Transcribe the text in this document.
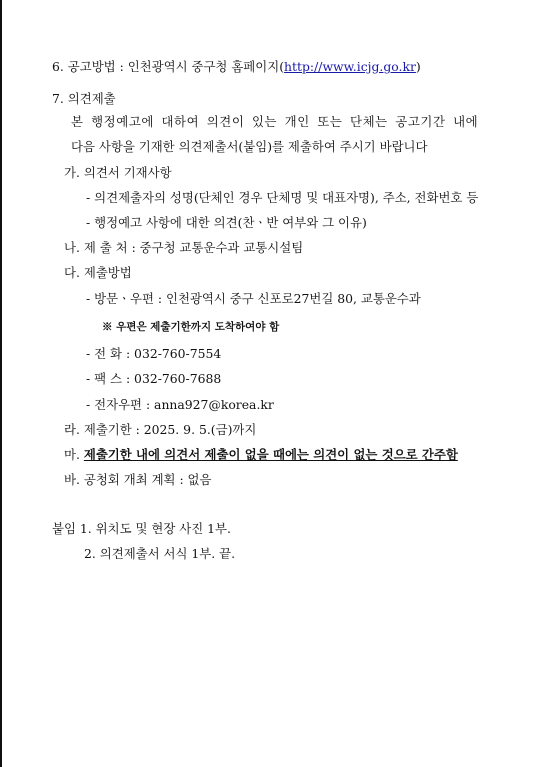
6. 공고방법 : 인천광역시 중구청 홈페이지(http://www.icjg.go.kr)
7. 의견제출
본 행정예고에 대하여 의견이 있는 개인 또는 단체는 공고기간 내에
다음 사항을 기재한 의견제출서(붙임)를 제출하여 주시기 바랍니다
가. 의견서 기재사항
- 의견제출자의 성명(단체인 경우 단체명 및 대표자명), 주소, 전화번호 등
- 행정예고 사항에 대한 의견(찬ㆍ반 여부와 그 이유)
나. 제 출 처 : 중구청 교통운수과 교통시설팀
다. 제출방법
- 방문ㆍ우편 : 인천광역시 중구 신포로27번길 80, 교통운수과
※ 우편은 제출기한까지 도착하여야 함
- 전 화 : 032-760-7554
- 팩 스 : 032-760-7688
- 전자우편 : anna927@korea.kr
라. 제출기한 : 2025. 9. 5.(금)까지
마. 제출기한 내에 의견서 제출이 없을 때에는 의견이 없는 것으로 간주함
바. 공청회 개최 계획 : 없음
붙임 1. 위치도 및 현장 사진 1부.
2. 의견제출서 서식 1부. 끝.
